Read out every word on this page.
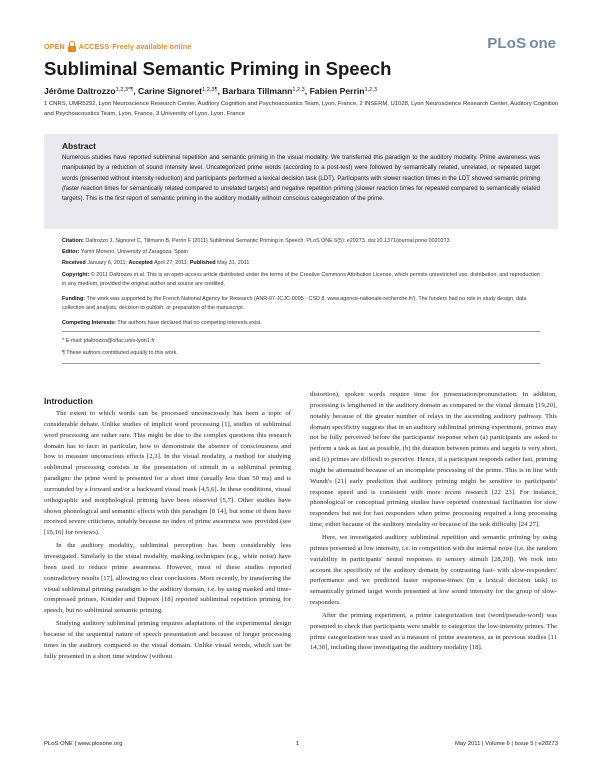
OPEN ACCESS Freely available online	PLoS one
Subliminal Semantic Priming in Speech
Jérôme Daltrozzo$^{1,2,3*\P}$, Carine Signoret$^{1,2,3\P}$, Barbara Tillmann$^{1,2,3}$, Fabien Perrin$^{1,2,3}$
1 CNRS, UMR5292, Lyon Neuroscience Research Center, Auditory Cognition and Psychoacoustics Team, Lyon, France, 2 INSERM, U1028, Lyon Neuroscience Research Center, Auditory Cognition and Psychoacoustics Team, Lyon, France, 3 University of Lyon, Lyon, France
Abstract
Numerous studies have reported subliminal repetition and semantic priming in the visual modality. We transferred this paradigm to the auditory modality. Prime awareness was manipulated by a reduction of sound intensity level. Uncategorized prime words (according to a post-test) were followed by semantically related, unrelated, or repeated target words (presented without intensity reduction) and participants performed a lexical decision task (LDT). Participants with slower reaction times in the LDT showed semantic priming (faster reaction times for semantically related compared to unrelated targets) and negative repetition priming (slower reaction times for repeated compared to semantically related targets). This is the first report of semantic priming in the auditory modality without conscious categorization of the prime.
Citation: Daltrozzo J, Signoret C, Tillmann B, Perrin F (2011) Subliminal Semantic Priming in Speech. PLoS ONE 6(5): e20273. doi:10.1371/journal.pone.0020273
Editor: Yamir Moreno, University of Zaragoza, Spain
Received January 6, 2011; Accepted April 27, 2011; Published May 31, 2011
Copyright: © 2011 Daltrozzo et al. This is an open-access article distributed under the terms of the Creative Commons Attribution License, which permits unrestricted use, distribution, and reproduction in any medium, provided the original author and source are credited.
Funding: The work was supported by the French National Agency for Research (ANR-07-JCJC-0095 - CSD 8, www.agence-nationale-recherche.fr/). The funders had no role in study design, data collection and analysis, decision to publish, or preparation of the manuscript.
Competing Interests: The authors have declared that no competing interests exist.
* E-mail: jdaltrozzo@olfac.univ-lyon1.fr
¶ These authors contributed equally to this work.
Introduction

The extent to which words can be processed unconsciously has been a topic of considerable debate. Unlike studies of implicit word processing [1], studies of subliminal word processing are rather rare. This might be due to the complex questions this research domain has to face: in particular, how to demonstrate the absence of consciousness and how to measure unconscious effects [2,3]. In the visual modality, a method for studying subliminal processing consists in the presentation of stimuli in a subliminal priming paradigm: the prime word is presented for a short time (usually less than 50 ms) and is surrounded by a forward and/or a backward visual mask [4,5,6]. In these conditions, visual orthographic and morphological priming have been observed [5,7]. Other studies have shown phonological and semantic effects with this paradigm [8 14], but some of them have received severe criticisms, notably because no index of prime awareness was provided (see [15,16] for reviews).

In the auditory modality, subliminal perception has been considerably less investigated. Similarly to the visual modality, masking techniques (e.g., white noise) have been used to reduce prime awareness. However, most of these studies reported contradictory results [17], allowing no clear conclusions. More recently, by transferring the visual subliminal priming paradigm to the auditory domain, i.e. by using masked and time-compressed primes, Kouider and Dupoux [18] reported subliminal repetition priming for speech, but no subliminal semantic priming.

Studying auditory subliminal priming requires adaptations of the experimental design because of the sequential nature of speech presentation and because of longer processing times in the auditory compared to the visual domain. Unlike visual words, which can be fully presented in a short time window (without

distortion), spoken words require time for presentation/pronunciation. In addition, processing is lengthened in the auditory domain as compared to the visual domain [19,20], notably because of the greater number of relays in the ascending auditory pathway. This domain specificity suggests that in an auditory subliminal priming experiment, primes may not be fully perceived before the participants' response when (a) participants are asked to perform a task as fast as possible, (b) the duration between primes and targets is very short, and (c) primes are difficult to perceive. Hence, if a participant responds rather fast, priming might be attenuated because of an incomplete processing of the prime. This is in line with Wundt's [21] early prediction that auditory priming might be sensitive to participants' response speed and is consistent with more recent research [22 23]. For instance, phonological or conceptual priming studies have reported contextual facilitation for slow responders but not for fast responders when prime processing required a long processing time, either because of the auditory modality or because of the task difficulty [24 27].

Here, we investigated auditory subliminal repetition and semantic priming by using primes presented at low intensity, i.e. in competition with the internal noise (i.e. the random variability in participants' neural responses to sensory stimuli [28,29]). We took into account the specificity of the auditory domain by contrasting fast- with slow-responders' performance and we predicted faster response-times (in a lexical decision task) to semantically primed target words presented at low sound intensity for the group of slow-responders.

After the priming experiment, a prime categorization test (word/pseudo-word) was presented to check that participants were unable to categorize the low-intensity primes. The prime categorization was used as a measure of prime awareness, as in previous studies [11 14,30], including those investigating the auditory modality [18].

PLoS ONE | www.plosone.org	1	May 2011 | Volume 6 | Issue 5 | e20273
